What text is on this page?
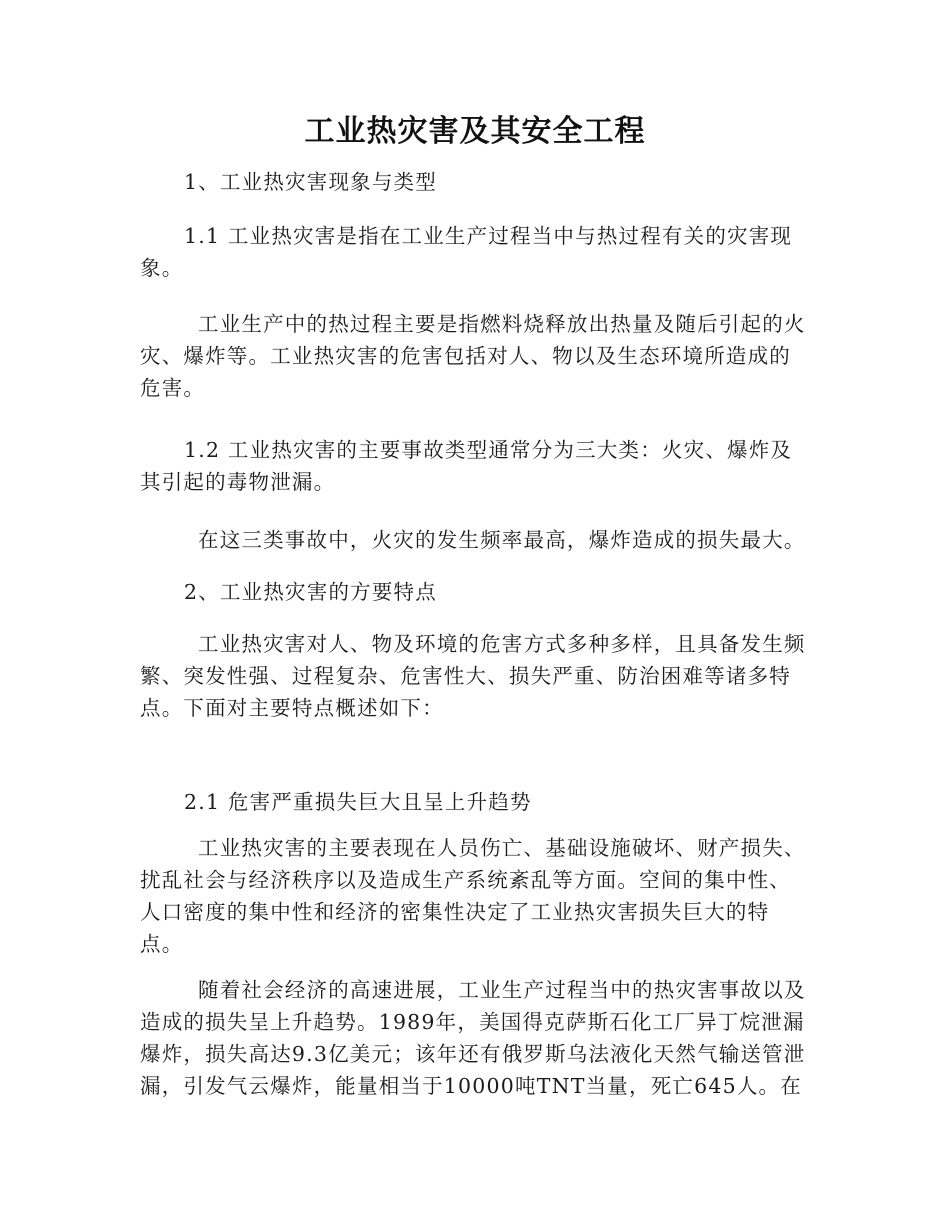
工业热灾害及其安全工程
1、工业热灾害现象与类型
1.1 工业热灾害是指在工业生产过程当中与热过程有关的灾害现象。
工业生产中的热过程主要是指燃料烧释放出热量及随后引起的火灾、爆炸等。工业热灾害的危害包括对人、物以及生态环境所造成的危害。
1.2 工业热灾害的主要事故类型通常分为三大类：火灾、爆炸及其引起的毒物泄漏。
在这三类事故中，火灾的发生频率最高，爆炸造成的损失最大。
2、工业热灾害的方要特点
工业热灾害对人、物及环境的危害方式多种多样，且具备发生频繁、突发性强、过程复杂、危害性大、损失严重、防治困难等诸多特点。下面对主要特点概述如下：
2.1 危害严重损失巨大且呈上升趋势
工业热灾害的主要表现在人员伤亡、基础设施破坏、财产损失、扰乱社会与经济秩序以及造成生产系统紊乱等方面。空间的集中性、人口密度的集中性和经济的密集性决定了工业热灾害损失巨大的特点。
随着社会经济的高速进展，工业生产过程当中的热灾害事故以及造成的损失呈上升趋势。1989年，美国得克萨斯石化工厂异丁烷泄漏爆炸，损失高达9.3亿美元；该年还有俄罗斯乌法液化天然气输送管泄漏，引发气云爆炸，能量相当于10000吨TNT当量，死亡645人。在
